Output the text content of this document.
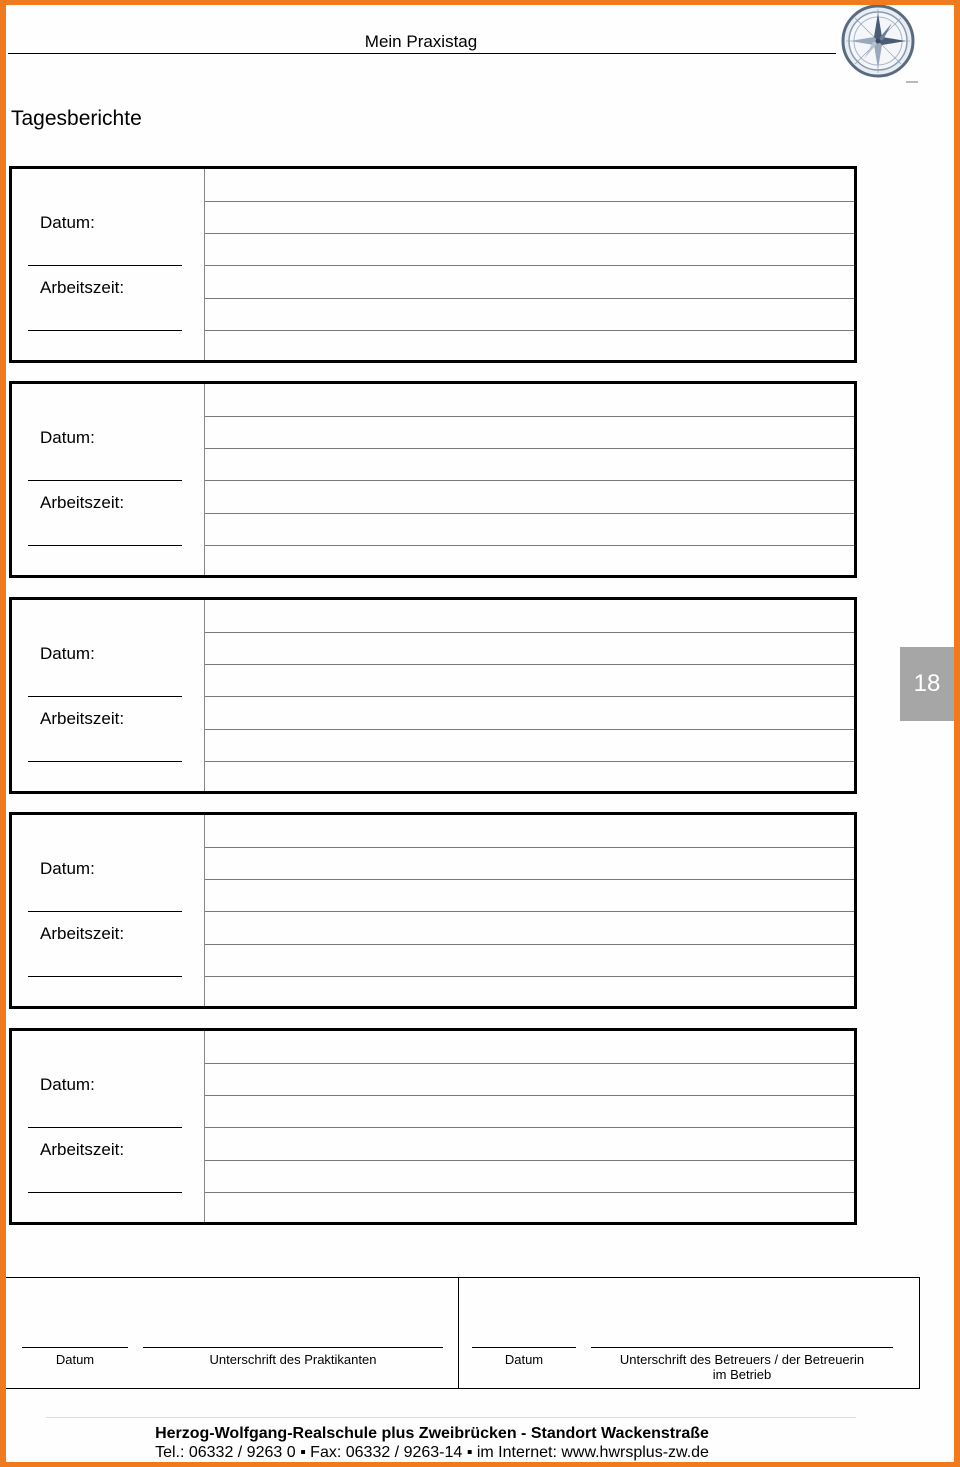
Mein Praxistag
Tagesberichte
Datum:
Arbeitszeit:
Datum:
Arbeitszeit:
Datum:
Arbeitszeit:
Datum:
Arbeitszeit:
Datum:
Arbeitszeit:
18
Datum	Unterschrift des Praktikanten	Datum	Unterschrift des Betreuers / der Betreuerin
im Betrieb
Herzog-Wolfgang-Realschule plus Zweibrücken - Standort Wackenstraße
Tel.: 06332 / 9263 0 ▪ Fax: 06332 / 9263-14 ▪ im Internet: www.hwrsplus-zw.de
